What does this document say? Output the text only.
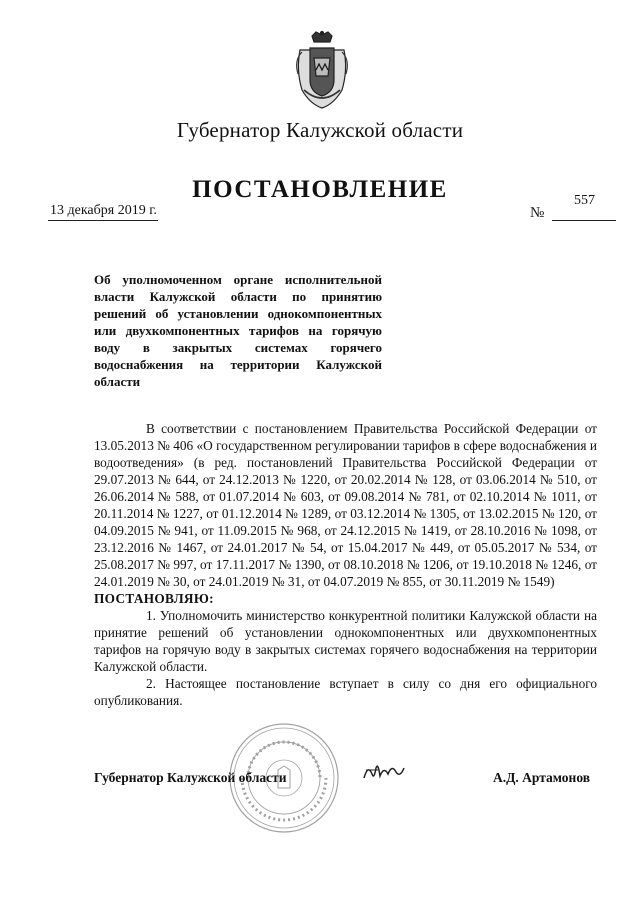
Губернатор Калужской области
ПОСТАНОВЛЕНИЕ
13 декабря 2019 г.	№
557
Об уполномоченном органе исполнительной власти Калужской области по принятию решений об установлении однокомпонентных или двухкомпонентных тарифов на горячую воду в закрытых системах горячего водоснабжения на территории Калужской области

В соответствии с постановлением Правительства Российской Федерации от 13.05.2013 № 406 «О государственном регулировании тарифов в сфере водоснабжения и водоотведения» (в ред. постановлений Правительства Российской Федерации от 29.07.2013 № 644, от 24.12.2013 № 1220, от 20.02.2014 № 128, от 03.06.2014 № 510, от 26.06.2014 № 588, от 01.07.2014 № 603, от 09.08.2014 № 781, от 02.10.2014 № 1011, от 20.11.2014 № 1227, от 01.12.2014 № 1289, от 03.12.2014 № 1305, от 13.02.2015 № 120, от 04.09.2015 № 941, от 11.09.2015 № 968, от 24.12.2015 № 1419, от 28.10.2016 № 1098, от 23.12.2016 № 1467, от 24.01.2017 № 54, от 15.04.2017 № 449, от 05.05.2017 № 534, от 25.08.2017 № 997, от 17.11.2017 № 1390, от 08.10.2018 № 1206, от 19.10.2018 № 1246, от 24.01.2019 № 30, от 24.01.2019 № 31, от 04.07.2019 № 855, от 30.11.2019 № 1549)

ПОСТАНОВЛЯЮ:

1. Уполномочить министерство конкурентной политики Калужской области на принятие решений об установлении однокомпонентных или двухкомпонентных тарифов на горячую воду в закрытых системах горячего водоснабжения на территории Калужской области.

2. Настоящее постановление вступает в силу со дня его официального опубликования.

Губернатор Калужской области	А.Д. Артамонов
